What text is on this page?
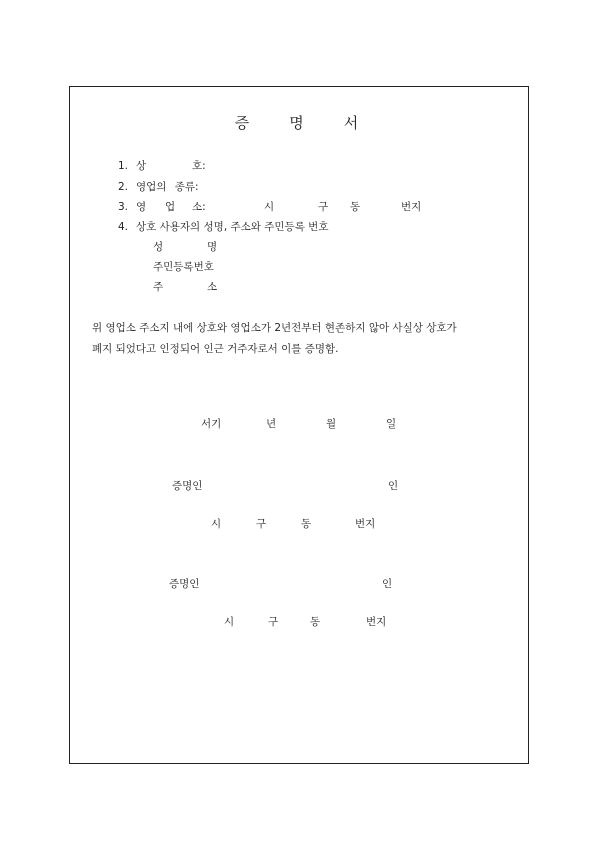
증	명	서
1. 상	호:
2. 영업의 종류:
3. 영 업 소:	시	구 동	번지
4. 상호 사용자의 성명, 주소와 주민등록 번호
성	명
주민등록번호
주	소
위 영업소 주소지 내에 상호와 영업소가 2년전부터 현존하지 않아 사실상 상호가
폐지 되었다고 인정되어 인근 거주자로서 이를 증명함.
서기	년	월	일
증명인	인
시	구	동	번지
증명인	인
시	구	동	번지
